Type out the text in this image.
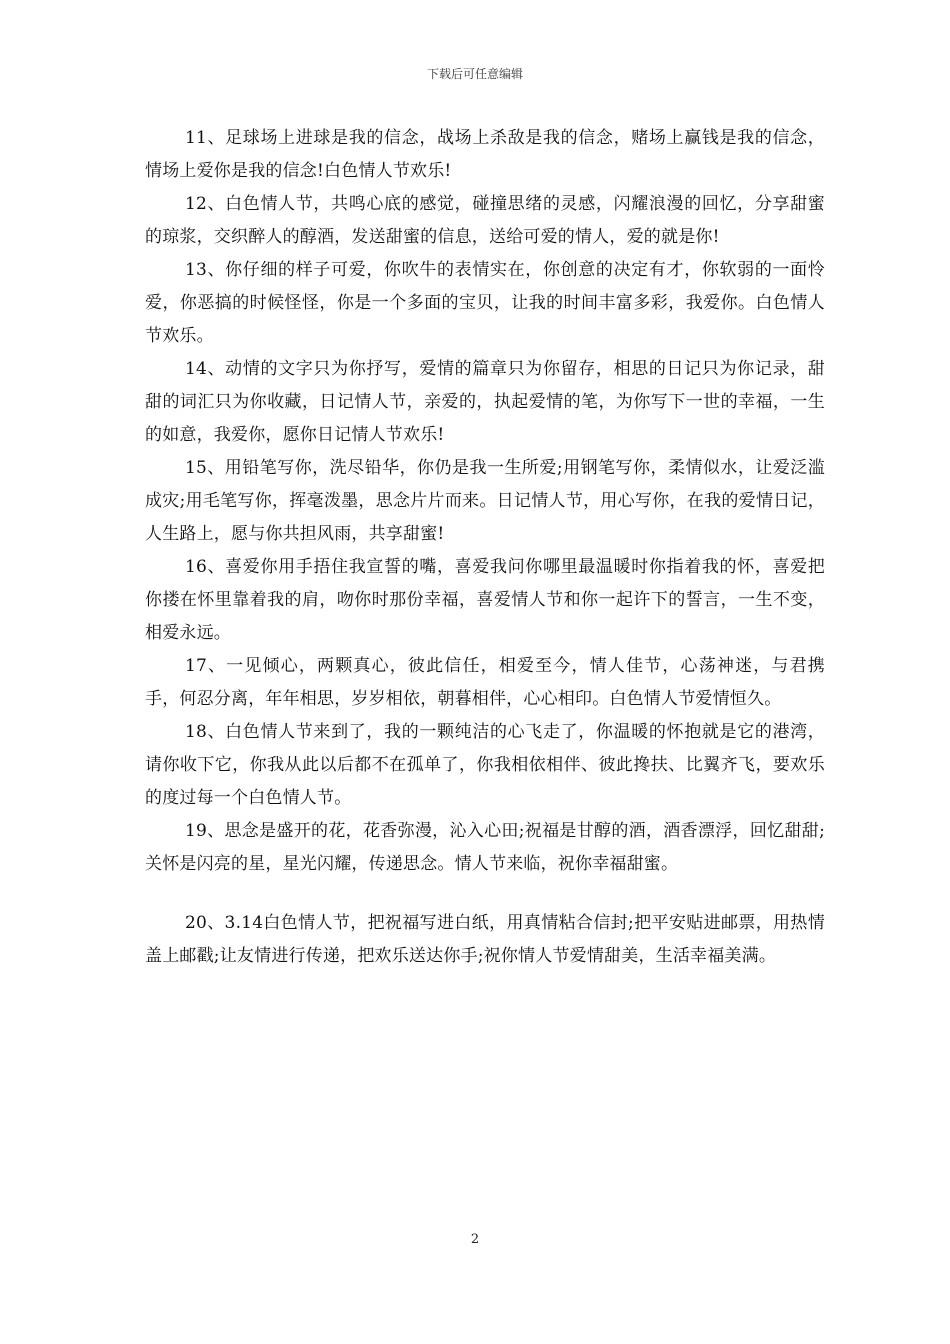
下载后可任意编辑

11、足球场上进球是我的信念，战场上杀敌是我的信念，赌场上赢钱是我的信念，情场上爱你是我的信念!白色情人节欢乐!

12、白色情人节，共鸣心底的感觉，碰撞思绪的灵感，闪耀浪漫的回忆，分享甜蜜的琼浆，交织醉人的醇酒，发送甜蜜的信息，送给可爱的情人，爱的就是你!

13、你仔细的样子可爱，你吹牛的表情实在，你创意的决定有才，你软弱的一面怜爱，你恶搞的时候怪怪，你是一个多面的宝贝，让我的时间丰富多彩，我爱你。白色情人节欢乐。

14、动情的文字只为你抒写，爱情的篇章只为你留存，相思的日记只为你记录，甜甜的词汇只为你收藏，日记情人节，亲爱的，执起爱情的笔，为你写下一世的幸福，一生的如意，我爱你，愿你日记情人节欢乐!

15、用铅笔写你，洗尽铅华，你仍是我一生所爱;用钢笔写你，柔情似水，让爱泛滥成灾;用毛笔写你，挥毫泼墨，思念片片而来。日记情人节，用心写你，在我的爱情日记，人生路上，愿与你共担风雨，共享甜蜜!

16、喜爱你用手捂住我宣誓的嘴，喜爱我问你哪里最温暖时你指着我的怀，喜爱把你搂在怀里靠着我的肩，吻你时那份幸福，喜爱情人节和你一起许下的誓言，一生不变，相爱永远。

17、一见倾心，两颗真心，彼此信任，相爱至今，情人佳节，心荡神迷，与君携手，何忍分离，年年相思，岁岁相依，朝暮相伴，心心相印。白色情人节爱情恒久。

18、白色情人节来到了，我的一颗纯洁的心飞走了，你温暖的怀抱就是它的港湾，请你收下它，你我从此以后都不在孤单了，你我相依相伴、彼此搀扶、比翼齐飞，要欢乐的度过每一个白色情人节。

19、思念是盛开的花，花香弥漫，沁入心田;祝福是甘醇的酒，酒香漂浮，回忆甜甜;关怀是闪亮的星，星光闪耀，传递思念。情人节来临，祝你幸福甜蜜。

20、3.14白色情人节，把祝福写进白纸，用真情粘合信封;把平安贴进邮票，用热情盖上邮戳;让友情进行传递，把欢乐送达你手;祝你情人节爱情甜美，生活幸福美满。

2
